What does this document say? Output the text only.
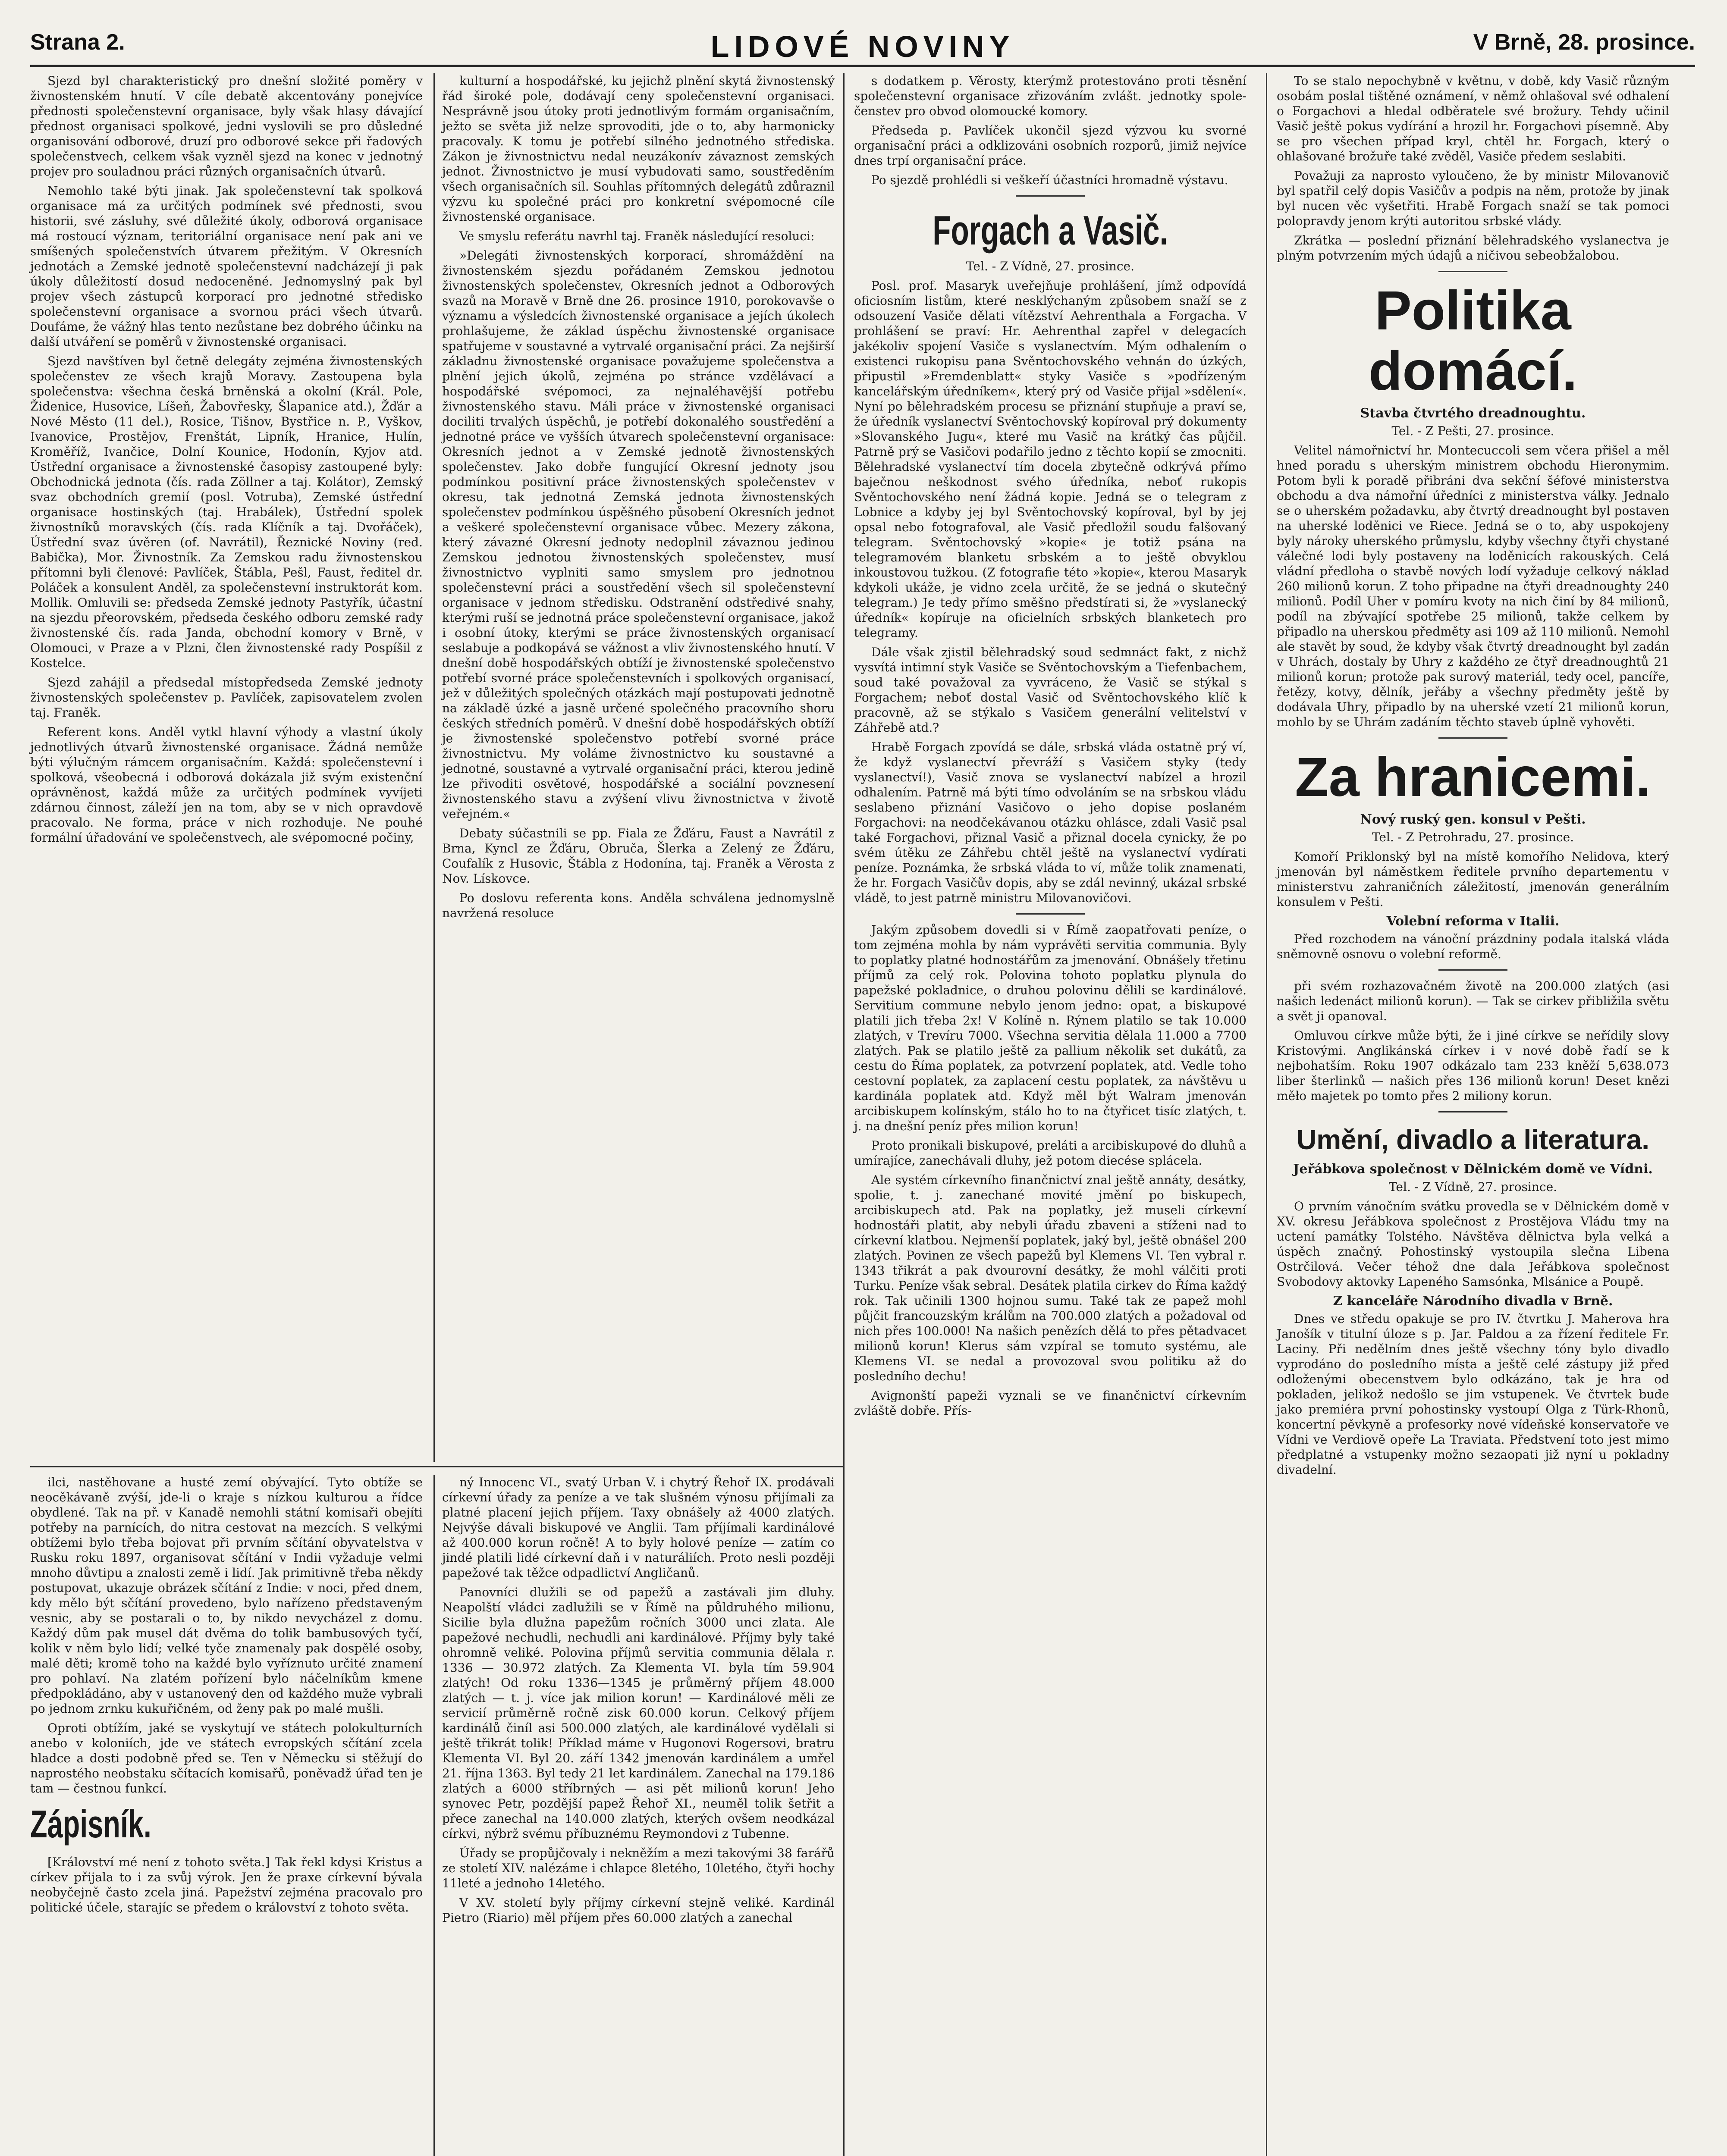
Strana 2.	LIDOVÉ NOVINY	V Brně, 28. prosince.

Sjezd byl charakteristický pro dnešní složité poměry v živnostenském hnutí. V cíle debatě akcentovány ponejvíce přednosti společenstevní organisace, byly však hlasy dávající přednost organisaci spolkové, jedni vyslovili se pro důsledné organisování odborové, druzí pro odborové sekce při řadových společenstvech, celkem však vyzněl sjezd na konec v jednotný projev pro souladnou práci různých organisačních útvarů.

Nemohlo také býti jinak. Jak společenstevní tak spolková organisace má za určitých podmínek své přednosti, svou historii, své zásluhy, své důležité úkoly, odborová organisace má rostoucí význam, teritoriální organisace není pak ani ve smíšených společenstvích útvarem přežitým. V Okresních jednotách a Zemské jednotě společenstevní nadcházejí ji pak úkoly důležitostí dosud nedoceněné. Jednomyslný pak byl projev všech zástupců korporací pro jednotné středisko společenstevní organisace a svornou práci všech útvarů. Doufáme, že vážný hlas tento nezůstane bez dobrého účinku na další utváření se poměrů v živnostenské organisaci.

Sjezd navštíven byl četně delegáty zejména živnostenských společenstev ze všech krajů Moravy. Zastoupena byla společenstva: všechna česká brněnská a okolní (Král. Pole, Židenice, Husovice, Líšeň, Žabovřesky, Šlapanice atd.), Žďár a Nové Město (11 del.), Rosice, Tišnov, Bystřice n. P., Vyškov, Ivanovice, Prostějov, Frenštát, Lipník, Hranice, Hulín, Kroměříž, Ivančice, Dolní Kounice, Hodonín, Kyjov atd. Ústřední organisace a živnostenské časopisy zastoupené byly: Obchodnická jednota (čís. rada Zöllner a taj. Kolátor), Zemský svaz obchodních gremií (posl. Votruba), Zemské ústřední organisace hostinských (taj. Hrabálek), Ústřední spolek živnostníků moravských (čís. rada Klíčník a taj. Dvořáček), Ústřední svaz úvěren (of. Navrátil), Řeznické Noviny (red. Babička), Mor. Živnostník. Za Zemskou radu živnostenskou přítomni byli členové: Pavlíček, Štábla, Pešl, Faust, ředitel dr. Poláček a konsulent Anděl, za společenstevní instruktorát kom. Mollik. Omluvili se: předseda Zemské jednoty Pastyřík, účastní na sjezdu přeorovském, předseda českého odboru zemské rady živnostenské čís. rada Janda, obchodní komory v Brně, v Olomouci, v Praze a v Plzni, člen živnostenské rady Pospíšil z Kostelce.

Sjezd zahájil a předsedal místopředseda Zemské jednoty živnostenských společenstev p. Pavlíček, zapisovatelem zvolen taj. Franěk.

Referent kons. Anděl vytkl hlavní výhody a vlastní úkoly jednotlivých útvarů živnostenské organisace. Žádná nemůže býti výlučným rámcem organisačním. Každá: společenstevní i spolková, všeobecná i odborová dokázala již svým existenční oprávněnost, každá může za určitých podmínek vyvíjeti zdárnou činnost, záleží jen na tom, aby se v nich opravdově pracovalo. Ne forma, práce v nich rozhoduje. Ne pouhé formální úřadování ve společenstvech, ale svépomocné počiny,

kulturní a hospodářské, ku jejichž plnění skytá živnostenský řád široké pole, dodávají ceny společenstevní organisaci. Nesprávně jsou útoky proti jednotlivým formám organisačním, ježto se světa již nelze sprovoditi, jde o to, aby harmonicky pracovaly. K tomu je potřebí silného jednotného střediska. Zákon je živnostnictvu nedal neuzákonív závaznost zemských jednot. Živnostnictvo je musí vybudovati samo, soustředěním všech organisačních sil. Souhlas přítomných delegátů zdůraznil výzvu ku společné práci pro konkretní svépomocné cíle živnostenské organisace.

Ve smyslu referátu navrhl taj. Franěk následující resoluci:

»Delegáti živnostenských korporací, shromáždění na živnostenském sjezdu pořádaném Zemskou jednotou živnostenských společenstev, Okresních jednot a Odborových svazů na Moravě v Brně dne 26. prosince 1910, porokovavše o významu a výsledcích živnostenské organisace a jejích úkolech prohlašujeme, že základ úspěchu živnostenské organisace spatřujeme v soustavné a vytrvalé organisační práci. Za nejširší základnu živnostenské organisace považujeme společenstva a plnění jejich úkolů, zejména po stránce vzdělávací a hospodářské svépomoci, za nejnaléhavější potřebu živnostenského stavu. Máli práce v živnostenské organisaci dociliti trvalých úspěchů, je potřebí dokonalého soustředění a jednotné práce ve vyšších útvarech společenstevní organisace: Okresních jednot a v Zemské jednotě živnostenských společenstev. Jako dobře fungující Okresní jednoty jsou podmínkou positivní práce živnostenských společenstev v okresu, tak jednotná Zemská jednota živnostenských společenstev podmínkou úspěšného působení Okresních jednot a veškeré společenstevní organisace vůbec. Mezery zákona, který závazné Okresní jednoty nedoplnil závaznou jedinou Zemskou jednotou živnostenských společenstev, musí živnostnictvo vyplniti samo smyslem pro jednotnou společenstevní práci a soustředění všech sil společenstevní organisace v jednom středisku. Odstranění odstředivé snahy, kterými ruší se jednotná práce společenstevní organisace, jakož i osobní útoky, kterými se práce živnostenských organisací seslabuje a podkopává se vážnost a vliv živnostenského hnutí. V dnešní době hospodářských obtíží je živnostenské společenstvo potřebí svorné práce společenstevních i spolkových organisací, jež v důležitých společných otázkách mají postupovati jednotně na základě úzké a jasně určené společného pracovního shoru českých středních poměrů. V dnešní době hospodářských obtíží je živnostenské společenstvo potřebí svorné práce živnostnictvu. My voláme živnostnictvo ku soustavné a jednotné, soustavné a vytrvalé organisační práci, kterou jedině lze přivoditi osvětové, hospodářské a sociální povznesení živnostenského stavu a zvýšení vlivu živnostnictva v životě veřejném.«

Debaty súčastnili se pp. Fiala ze Žďáru, Faust a Navrátil z Brna, Kyncl ze Žďáru, Obruča, Šlerka a Zelený ze Žďáru, Coufalík z Husovic, Štábla z Hodonína, taj. Franěk a Věrosta z Nov. Lískovce.

Po doslovu referenta kons. Anděla schválena jednomyslně navržená resoluce

s dodatkem p. Věrosty, kterýmž protestováno proti těsnění společenstevní organisace zřizováním zvlášt. jednotky spole-čenstev pro obvod olomoucké komory.

Předseda p. Pavlíček ukončil sjezd výzvou ku svorné organisační práci a odklizováni osobních rozporů, jimiž nejvíce dnes trpí organisační práce.

Po sjezdě prohlédli si veškeří účastníci hromadně výstavu.

Forgach a Vasič.

Tel. - Z Vídně, 27. prosince.

Posl. prof. Masaryk uveřejňuje prohlášení, jímž odpovídá oficiosním listům, které nesklýchaným způsobem snaží se z odsouzení Vasiče dělati vítězství Aehrenthala a Forgacha. V prohlášení se praví: Hr. Aehrenthal zapřel v delegacích jakékoliv spojení Vasiče s vyslanectvím. Mým odhalením o existenci rukopisu pana Svěntochovského vehnán do úzkých, připustil »Fremdenblatt« styky Vasiče s »podřízeným kancelářským úředníkem«, který prý od Vasiče přijal »sdělení«. Nyní po bělehradském procesu se přiznání stupňuje a praví se, že úředník vyslanectví Svěntochovský kopíroval prý dokumenty »Slovanského Jugu«, které mu Vasič na krátký čas půjčil. Patrně prý se Vasičovi podařilo jedno z těchto kopií se zmocniti. Bělehradské vyslanectví tím docela zbytečně odkrývá přímo baječnou neškodnost svého úředníka, neboť rukopis Svěntochovského není žádná kopie. Jedná se o telegram z Lobnice a kdyby jej byl Svěntochovský kopíroval, byl by jej opsal nebo fotografoval, ale Vasič předložil soudu falšovaný telegram. Svěntochovský »kopie« je totiž psána na telegramovém blanketu srbském a to ještě obvyklou inkoustovou tužkou. (Z fotografie této »kopie«, kterou Masaryk kdykoli ukáže, je vidno zcela určitě, že se jedná o skutečný telegram.) Je tedy přímo směšno předstírati si, že »vyslanecký úředník« kopíruje na oficielních srbských blanketech pro telegramy.

Dále však zjistil bělehradský soud sedmnáct fakt, z nichž vysvítá intimní styk Vasiče se Svěntochovským a Tiefenbachem, soud také považoval za vyvráceno, že Vasič se stýkal s Forgachem; neboť dostal Vasič od Svěntochovského klíč k pracovně, až se stýkalo s Vasičem generální velitelství v Záhřebě atd.?

Hrabě Forgach zpovídá se dále, srbská vláda ostatně prý ví, že když vyslanectví převráží s Vasičem styky (tedy vyslanectví!), Vasič znova se vyslanectví nabízel a hrozil odhalením. Patrně má býti tímo odvoláním se na srbskou vládu seslabeno přiznání Vasičovo o jeho dopise poslaném Forgachovi: na neodčekávanou otázku ohlásce, zdali Vasič psal také Forgachovi, přiznal Vasič a přiznal docela cynicky, že po svém útěku ze Záhřebu chtěl ještě na vyslanectví vydírati peníze. Poznámka, že srbská vláda to ví, může tolik znamenati, že hr. Forgach Vasičův dopis, aby se zdál nevinný, ukázal srbské vládě, to jest patrně ministru Milovanovičovi.

Jakým způsobem dovedli si v Římě zaopatřovati peníze, o tom zejména mohla by nám vyprávěti servitia communia. Byly to poplatky platné hodnostářům za jmenování. Obnášely třetinu příjmů za celý rok. Polovina tohoto poplatku plynula do papežské pokladnice, o druhou polovinu dělili se kardinálové. Servitium commune nebylo jenom jedno: opat, a biskupové platili jich třeba 2x! V Kolíně n. Rýnem platilo se tak 10.000 zlatých, v Trevíru 7000. Všechna servitia dělala 11.000 a 7700 zlatých. Pak se platilo ještě za pallium několik set dukátů, za cestu do Říma poplatek, za potvrzení poplatek, atd. Vedle toho cestovní poplatek, za zaplacení cestu poplatek, za návštěvu u kardinála poplatek atd. Když měl být Walram jmenován arcibiskupem kolínským, stálo ho to na čtyřicet tisíc zlatých, t. j. na dnešní peníz přes milion korun!

Proto pronikali biskupové, preláti a arcibiskupové do dluhů a umírajíce, zanechávali dluhy, jež potom diecése splácela.

Ale systém církevního finančnictví znal ještě annáty, desátky, spolie, t. j. zanechané movité jmění po biskupech, arcibiskupech atd. Pak na poplatky, jež museli církevní hodnostáři platit, aby nebyli úřadu zbaveni a stíženi nad to církevní klatbou. Nejmenší poplatek, jaký byl, ještě obnášel 200 zlatých. Povinen ze všech papežů byl Klemens VI. Ten vybral r. 1343 třikrát a pak dvourovní desátky, že mohl válčiti proti Turku. Peníze však sebral. Desátek platila cirkev do Říma každý rok. Tak učinili 1300 hojnou sumu. Také tak ze papež mohl půjčit francouzským králům na 700.000 zlatých a požadoval od nich přes 100.000! Na našich penězích dělá to přes pětadvacet milionů korun! Klerus sám vzpíral se tomuto systému, ale Klemens VI. se nedal a provozoval svou politiku až do posledního dechu!

Avignonští papeži vyznali se ve finančnictví církevním zvláště dobře. Přís-

To se stalo nepochybně v květnu, v době, kdy Vasič různým osobám poslal tištěné oznámení, v němž ohlašoval své odhalení o Forgachovi a hledal odběratele své brožury. Tehdy učinil Vasič ještě pokus vydírání a hrozil hr. Forgachovi písemně. Aby se pro všechen případ kryl, chtěl hr. Forgach, který o ohlašované brožuře také zvěděl, Vasiče předem seslabiti.

Považuji za naprosto vyloučeno, že by ministr Milovanovič byl spatřil celý dopis Vasičův a podpis na něm, protože by jinak byl nucen věc vyšetřiti. Hrabě Forgach snaží se tak pomoci polopravdy jenom krýti autoritou srbské vlády.

Zkrátka — poslední přiznání bělehradského vyslanectva je plným potvrzením mých údajů a ničivou sebeobžalobou.

Politika domácí.

Stavba čtvrtého dreadnoughtu.

Tel. - Z Pešti, 27. prosince.

Velitel námořnictví hr. Montecuccoli sem včera přišel a měl hned poradu s uherským ministrem obchodu Hieronymim. Potom byli k poradě přibráni dva sekční šéfové ministerstva obchodu a dva námořní úředníci z ministerstva války. Jednalo se o uherském požadavku, aby čtvrtý dreadnought byl postaven na uherské loděnici ve Riece. Jedná se o to, aby uspokojeny byly nároky uherského průmyslu, kdyby všechny čtyři chystané válečné lodi byly postaveny na loděnicích rakouských. Celá vládní předloha o stavbě nových lodí vyžaduje celkový náklad 260 milionů korun. Z toho připadne na čtyři dreadnoughty 240 milionů. Podíl Uher v pomíru kvoty na nich činí by 84 milionů, podíl na zbývající spotřebe 25 milionů, takže celkem by připadlo na uherskou předměty asi 109 až 110 milionů. Nemohl ale stavět by soud, že kdyby však čtvrtý dreadnought byl zadán v Uhrách, dostaly by Uhry z každého ze čtyř dreadnoughtů 21 milionů korun; protože pak surový materiál, tedy ocel, pancíře, řetězy, kotvy, dělník, jeřáby a všechny předměty ještě by dodávala Uhry, připadlo by na uherské vzetí 21 milionů korun, mohlo by se Uhrám zadáním těchto staveb úplně vyhověti.

Za hranicemi.

Nový ruský gen. konsul v Pešti.

Tel. - Z Petrohradu, 27. prosince.

Komoří Priklonský byl na místě komořího Nelidova, který jmenován byl náměstkem ředitele prvního departementu v ministerstvu zahraničních záležitostí, jmenován generálním konsulem v Pešti.

Volební reforma v Italii.

Před rozchodem na vánoční prázdniny podala italská vláda sněmovně osnovu o volební reformě.

při svém rozhazovačném životě na 200.000 zlatých (asi našich ledenáct milionů korun). — Tak se cirkev přibližila světu a svět ji opanoval.

Omluvou církve může býti, že i jiné církve se neřídily slovy Kristovými. Anglikánská církev i v nové době řadí se k nejbohatším. Roku 1907 odkázalo tam 233 kněží 5,638.073 liber šterlinků — našich přes 136 milionů korun! Deset knězi měło majetek po tomto přes 2 miliony korun.

Umění, divadlo a literatura.

Jeřábkova společnost v Dělnickém domě ve Vídni.

Tel. - Z Vídně, 27. prosince.

O prvním vánočním svátku provedla se v Dělnickém domě v XV. okresu Jeřábkova společnost z Prostějova Vládu tmy na uctení památky Tolstého. Návštěva dělnictva byla velká a úspěch značný. Pohostinský vystoupila slečna Libena Ostrčilová. Večer téhož dne dala Jeřábkova společnost Svobodovy aktovky Lapeného Samsónka, Mlsánice a Poupě.

Z kanceláře Národního divadla v Brně.

Dnes ve středu opakuje se pro IV. čtvrtku J. Maherova hra Janošík v titulní úloze s p. Jar. Paldou a za řízení ředitele Fr. Laciny. Při nedělním dnes ještě všechny tóny bylo divadlo vyprodáno do posledního místa a ještě celé zástupy již před odloženými obecenstvem bylo odkázáno, tak je hra od pokladen, jelikož nedošlo se jim vstupenek. Ve čtvrtek bude jako premiéra první pohostinsky vystoupí Olga z Türk-Rhonů, koncertní pěvkyně a profesorky nové vídeňské konservatoře ve Vídni ve Verdiově opeře La Traviata. Předstvení toto jest mimo předplatné a vstupenky možno sezaopati již nyní u pokladny divadelní.

ilci, nastěhovane a husté zemí obývající. Tyto obtíže se neocěkávaně zvýší, jde-li o kraje s nízkou kulturou a řídce obydlené. Tak na př. v Kanadě nemohli státní komisaři obejíti potřeby na parnících, do nitra cestovat na mezcích. S velkými obtížemi bylo třeba bojovat při prvním sčítání obyvatelstva v Rusku roku 1897, organisovat sčítání v Indii vyžaduje velmi mnoho důvtipu a znalosti země i lidí. Jak primitivně třeba někdy postupovat, ukazuje obrázek sčítání z Indie: v noci, před dnem, kdy mělo být sčítání provedeno, bylo nařízeno představeným vesnic, aby se postarali o to, by nikdo nevycházel z domu. Každý dům pak musel dát dvěma do tolik bambusových tyčí, kolik v něm bylo lidí; velké tyče znamenaly pak dospělé osoby, malé děti; kromě toho na každé bylo vyříznuto určité znamení pro pohlaví. Na zlatém pořízení bylo náčelníkům kmene předpokládáno, aby v ustanovený den od každého muže vybrali po jednom zrnku kukuřičném, od ženy pak po malé mušli.

Oproti obtížím, jaké se vyskytují ve státech polokulturních anebo v koloniích, jde ve státech evropských sčítání zcela hladce a dosti podobně před se. Ten v Německu si stěžují do naprostého neobstaku sčítacích komisařů, poněvadž úřad ten je tam — čestnou funkcí.

Zápisník.

[Království mé není z tohoto světa.] Tak řekl kdysi Kristus a církev přijala to i za svůj výrok. Jen že praxe církevní bývala neobyčejně často zcela jiná. Papežství zejména pracovalo pro politické účele, starajíc se předem o království z tohoto světa.

ný Innocenc VI., svatý Urban V. i chytrý Řehoř IX. prodávali církevní úřady za peníze a ve tak slušném výnosu přijímali za platné placení jejich příjem. Taxy obnášely až 4000 zlatých. Nejvýše dávali biskupové ve Anglii. Tam příjímali kardinálové až 400.000 korun ročně! A to byly holové peníze — zatím co jindé platili lidé církevní daň i v naturáliích. Proto nesli později papežové tak těžce odpadlictví Angličanů.

Panovníci dlužili se od papežů a zastávali jim dluhy. Neapolští vládci zadlužili se v Římě na půldruhého milionu, Sicilie byla dlužna papežům ročních 3000 unci zlata. Ale papežové nechudli, nechudli ani kardinálové. Příjmy byly také ohromně veliké. Polovina příjmů servitia communia dělala r. 1336 — 30.972 zlatých. Za Klementa VI. byla tím 59.904 zlatých! Od roku 1336—1345 je průměrný příjem 48.000 zlatých — t. j. více jak milion korun! — Kardinálové měli ze servicií průměrně ročně zisk 60.000 korun. Celkový příjem kardinálů činíl asi 500.000 zlatých, ale kardinálové vydělali si ještě třikrát tolik! Příklad máme v Hugonovi Rogersovi, bratru Klementa VI. Byl 20. září 1342 jmenován kardinálem a umřel 21. října 1363. Byl tedy 21 let kardinálem. Zanechal na 179.186 zlatých a 6000 stříbrných — asi pět milionů korun! Jeho synovec Petr, pozdější papež Řehoř XI., neuměl tolik šetřit a přece zanechal na 140.000 zlatých, kterých ovšem neodkázal církvi, nýbrž svému příbuznému Reymondovi z Tubenne.

Úřady se propůjčovaly i nekněžím a mezi takovými 38 farářů ze století XIV. nalézáme i chlapce 8letého, 10letého, čtyři hochy 11leté a jednoho 14letého.

V XV. století byly příjmy církevní stejně veliké. Kardinál Pietro (Riario) měl příjem přes 60.000 zlatých a zanechal
